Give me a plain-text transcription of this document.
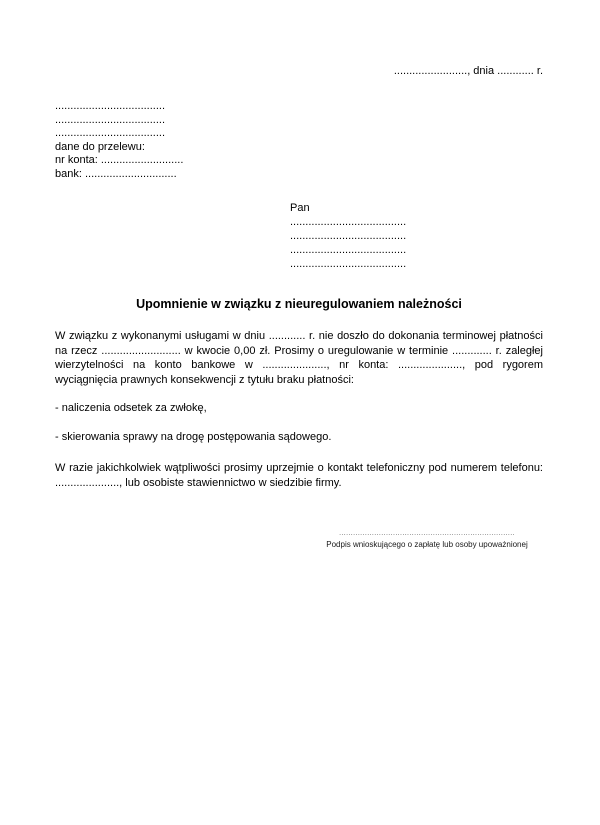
........................, dnia ............ r.
....................................
....................................
....................................
dane do przelewu:
nr konta: ...........................
bank: ..............................
Pan
......................................
......................................
......................................
......................................
Upomnienie w związku z nieuregulowaniem należności

W związku z wykonanymi usługami w dniu ............ r. nie doszło do dokonania terminowej płatności na rzecz .......................... w kwocie 0,00 zł. Prosimy o uregulowanie w terminie ............. r. zaległej wierzytelności na konto bankowe w ....................., nr konta: ....................., pod rygorem wyciągnięcia prawnych konsekwencji z tytułu braku płatności:

- naliczenia odsetek za zwłokę,

- skierowania sprawy na drogę postępowania sądowego.

W razie jakichkolwiek wątpliwości prosimy uprzejmie o kontakt telefoniczny pod numerem telefonu: ....................., lub osobiste stawiennictwo w siedzibie firmy.

...........................................................................
Podpis wnioskującego o zapłatę lub osoby upoważnionej
